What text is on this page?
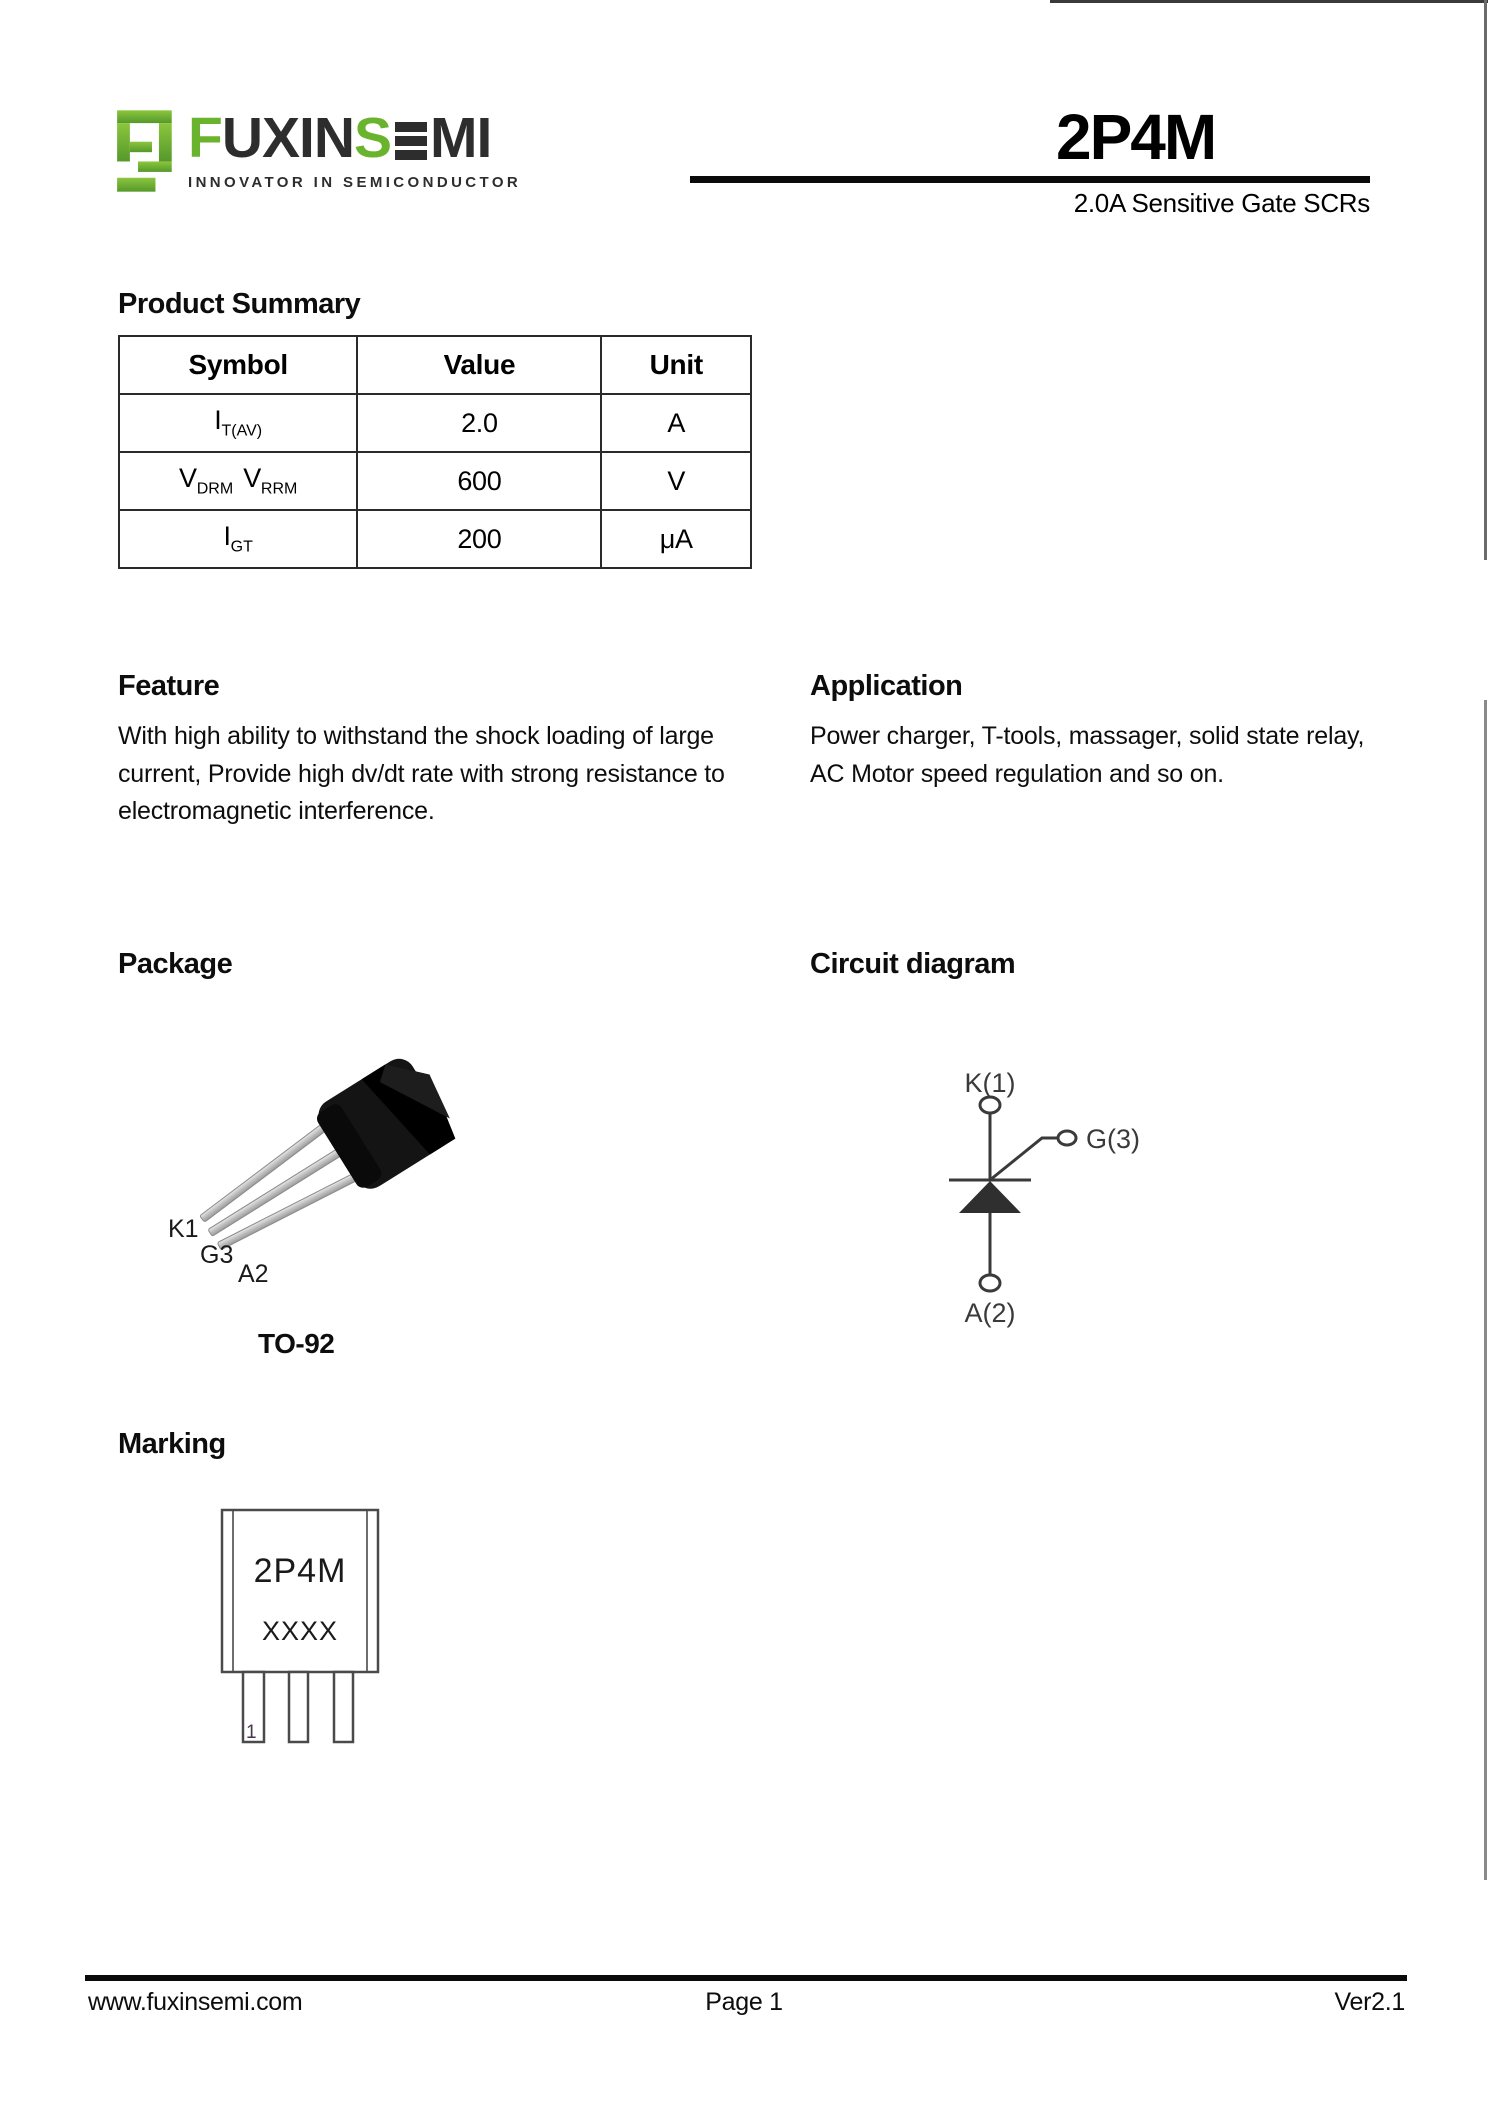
F UXIN S MI
INNOVATOR IN SEMICONDUCTOR
2P4M
2.0A Sensitive Gate SCRs
Product Summary
Symbol	Value	Unit
$I_{T(AV)}$	2.0	A
$V_{DRM}$ $V_{RRM}$	600	V
$I_{GT}$	200	μA
Feature
With high ability to withstand the shock loading of large current, Provide high dv/dt rate with strong resistance to electromagnetic interference.
Application
Power charger, T-tools, massager, solid state relay,   AC Motor speed regulation and so on.
Package
K1
G3
A2
TO-92
Circuit diagram
K(1)
G(3)
A(2)
Marking
2P4M
XXXX
1
www.fuxinsemi.com	Page 1	Ver2.1
